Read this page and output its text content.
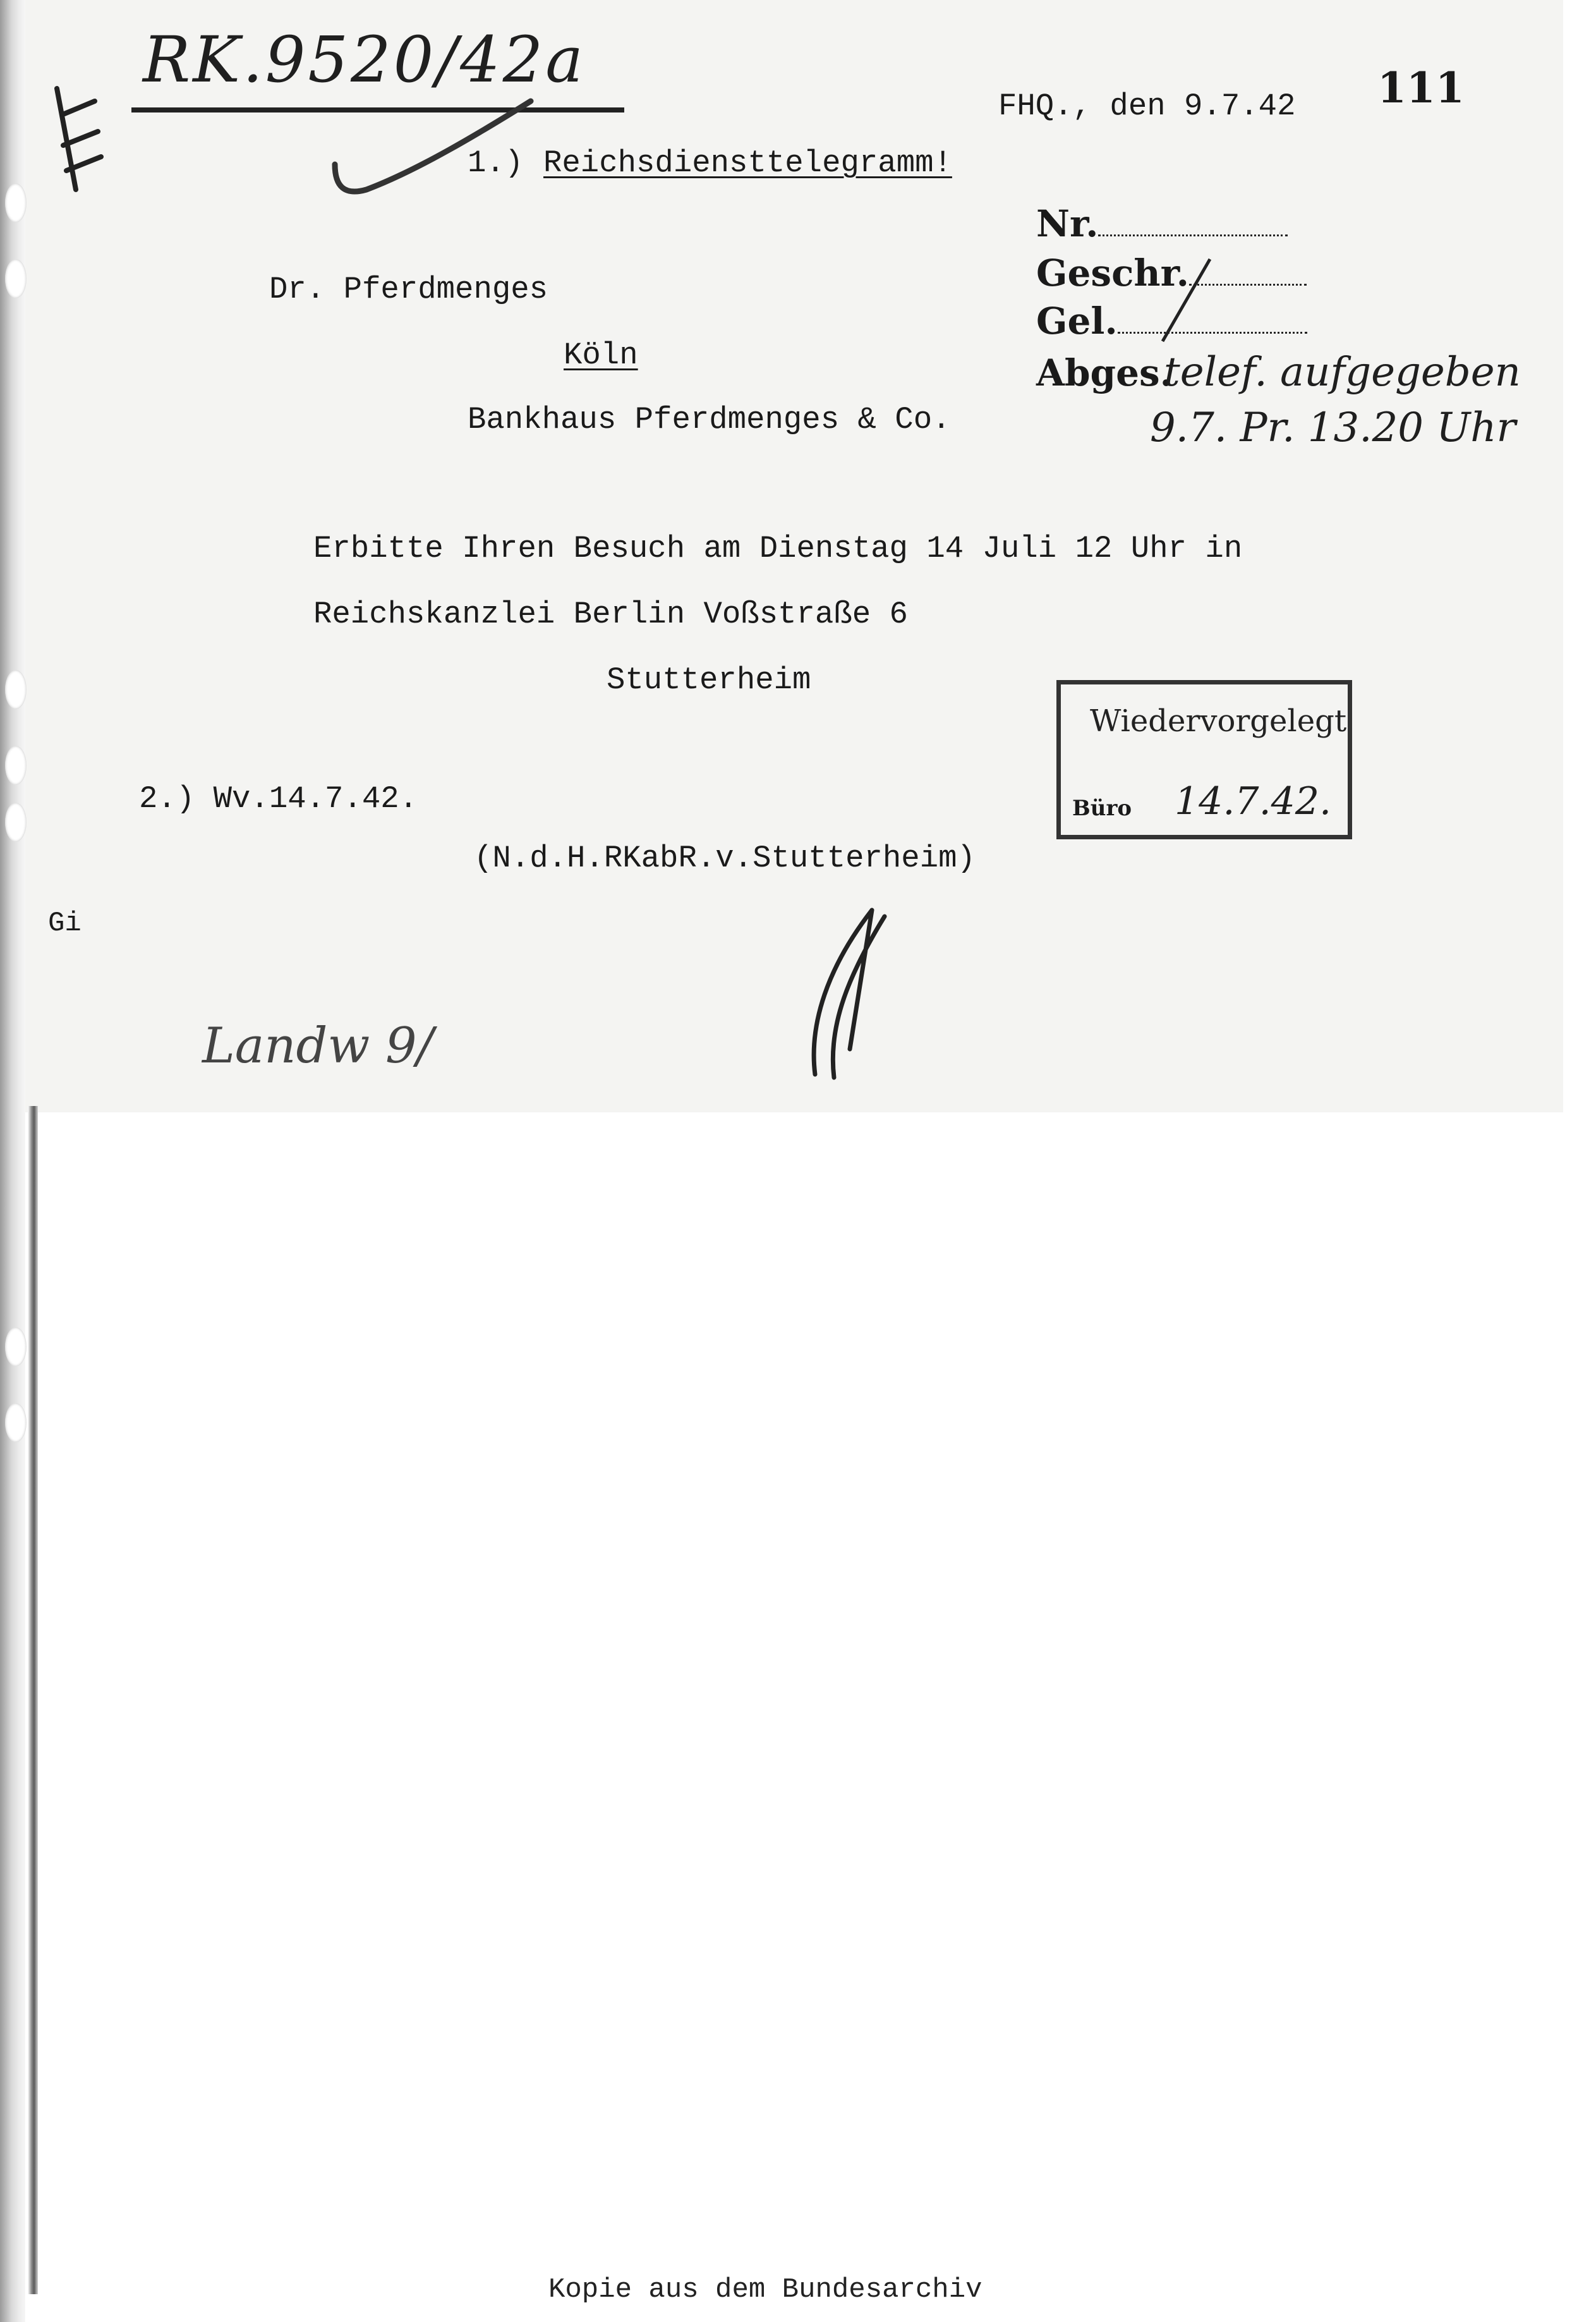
RK.9520/42a
FHQ., den 9.7.42 111
1.) Reichsdiensttelegramm!
Nr.
Geschr.
Gel.
Abges.
telef. aufgegeben
9.7. Pr. 13.20 Uhr
Dr. Pferdmenges
Köln
Bankhaus Pferdmenges & Co.
Erbitte Ihren Besuch am Dienstag 14 Juli 12 Uhr in
Reichskanzlei Berlin Voßstraße 6
Stutterheim
Wiedervorgelegt
Büro 14.7.42.
2.) Wv.14.7.42.
(N.d.H.RKabR.v.Stutterheim)
Gi
Landw 9/
Kopie aus dem Bundesarchiv
